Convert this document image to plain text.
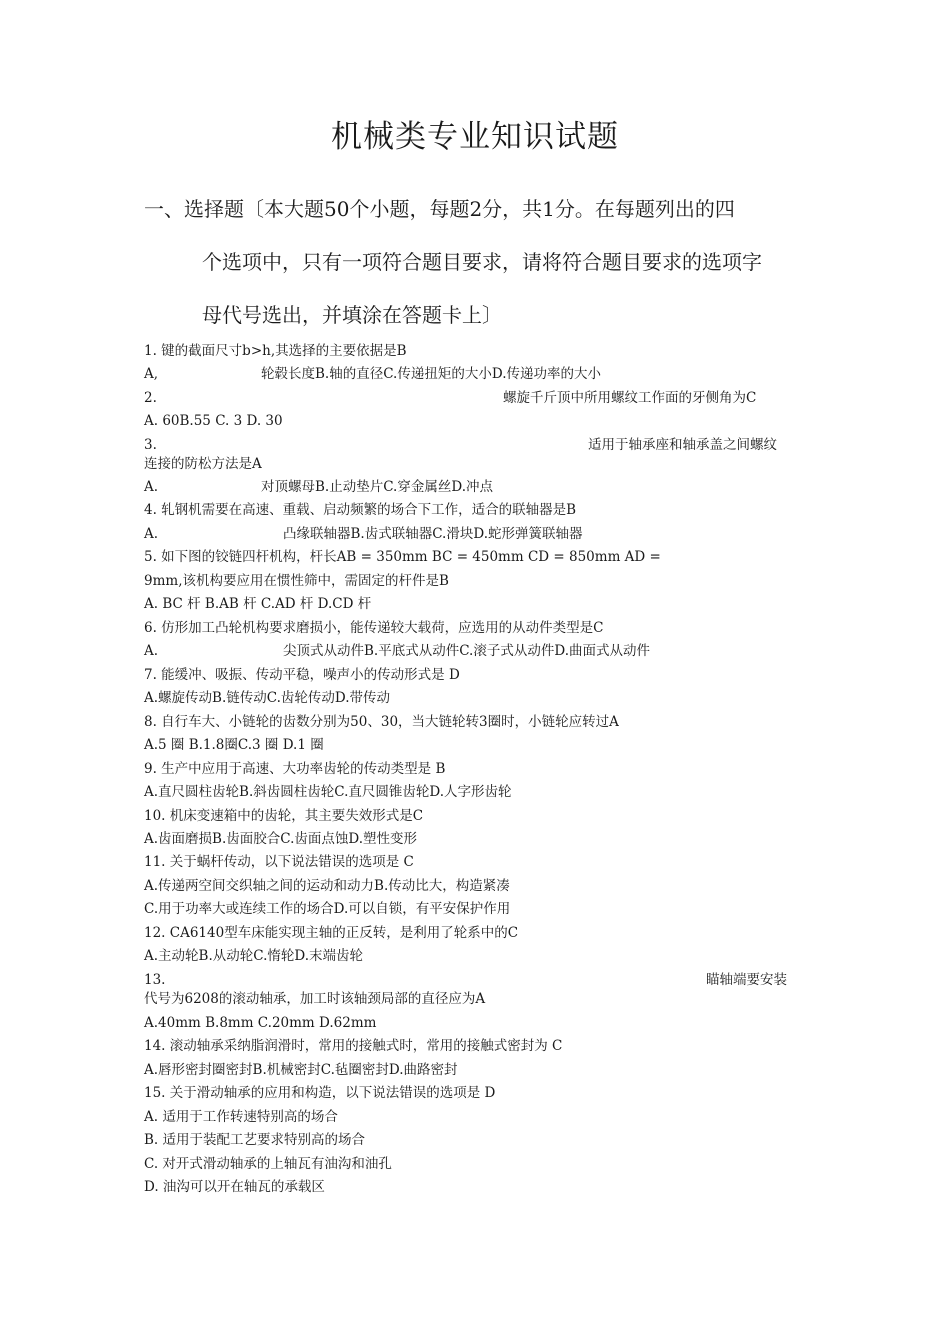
机械类专业知识试题
一、选择题〔本大题50个小题，每题2分，共1分。在每题列出的四
个选项中，只有一项符合题目要求，请将符合题目要求的选项字
母代号选出，并填涂在答题卡上〕
1. 键的截面尺寸b>h,其选择的主要依据是B
A,	轮毂长度B.轴的直径C.传递扭矩的大小D.传递功率的大小
2.	螺旋千斤顶中所用螺纹工作面的牙侧角为C
A. 60B.55 C. 3 D. 30
3.	适用于轴承座和轴承盖之间螺纹
连接的防松方法是A
A.	对顶螺母B.止动垫片C.穿金属丝D.冲点
4. 轧钢机需要在高速、重载、启动频繁的场合下工作，适合的联轴器是B
A.	凸缘联轴器B.齿式联轴器C.滑块D.蛇形弹簧联轴器
5. 如下图的铰链四杆机构，杆长AB = 350mm BC = 450mm CD = 850mm AD =
9mm,该机构要应用在惯性筛中，需固定的杆件是B
A. BC 杆 B.AB 杆 C.AD 杆 D.CD 杆
6. 仿形加工凸轮机构要求磨损小，能传递较大载荷，应选用的从动件类型是C
A.	尖顶式从动件B.平底式从动件C.滚子式从动件D.曲面式从动件
7. 能缓冲、吸振、传动平稳，噪声小的传动形式是 D
A.螺旋传动B.链传动C.齿轮传动D.带传动
8. 自行车大、小链轮的齿数分别为50、30，当大链轮转3圈时，小链轮应转过A
A.5 圈 B.1.8圈C.3 圈 D.1 圈
9. 生产中应用于高速、大功率齿轮的传动类型是 B
A.直尺圆柱齿轮B.斜齿圆柱齿轮C.直尺圆锥齿轮D.人字形齿轮
10. 机床变速箱中的齿轮，其主要失效形式是C
A.齿面磨损B.齿面胶合C.齿面点蚀D.塑性变形
11. 关于蜗杆传动，以下说法错误的选项是 C
A.传递两空间交织轴之间的运动和动力B.传动比大，构造紧凑
C.用于功率大或连续工作的场合D.可以自锁，有平安保护作用
12. CA6140型车床能实现主轴的正反转，是利用了轮系中的C
A.主动轮B.从动轮C.惰轮D.末端齿轮
13.	瞄轴端要安装
代号为6208的滚动轴承，加工时该轴颈局部的直径应为A
A.40mm B.8mm C.20mm D.62mm
14. 滚动轴承采纳脂润滑时，常用的接触式时，常用的接触式密封为 C
A.唇形密封圈密封B.机械密封C.毡圈密封D.曲路密封
15. 关于滑动轴承的应用和构造，以下说法错误的选项是 D
A. 适用于工作转速特别高的场合
B. 适用于装配工艺要求特别高的场合
C. 对开式滑动轴承的上轴瓦有油沟和油孔
D. 油沟可以开在轴瓦的承载区
